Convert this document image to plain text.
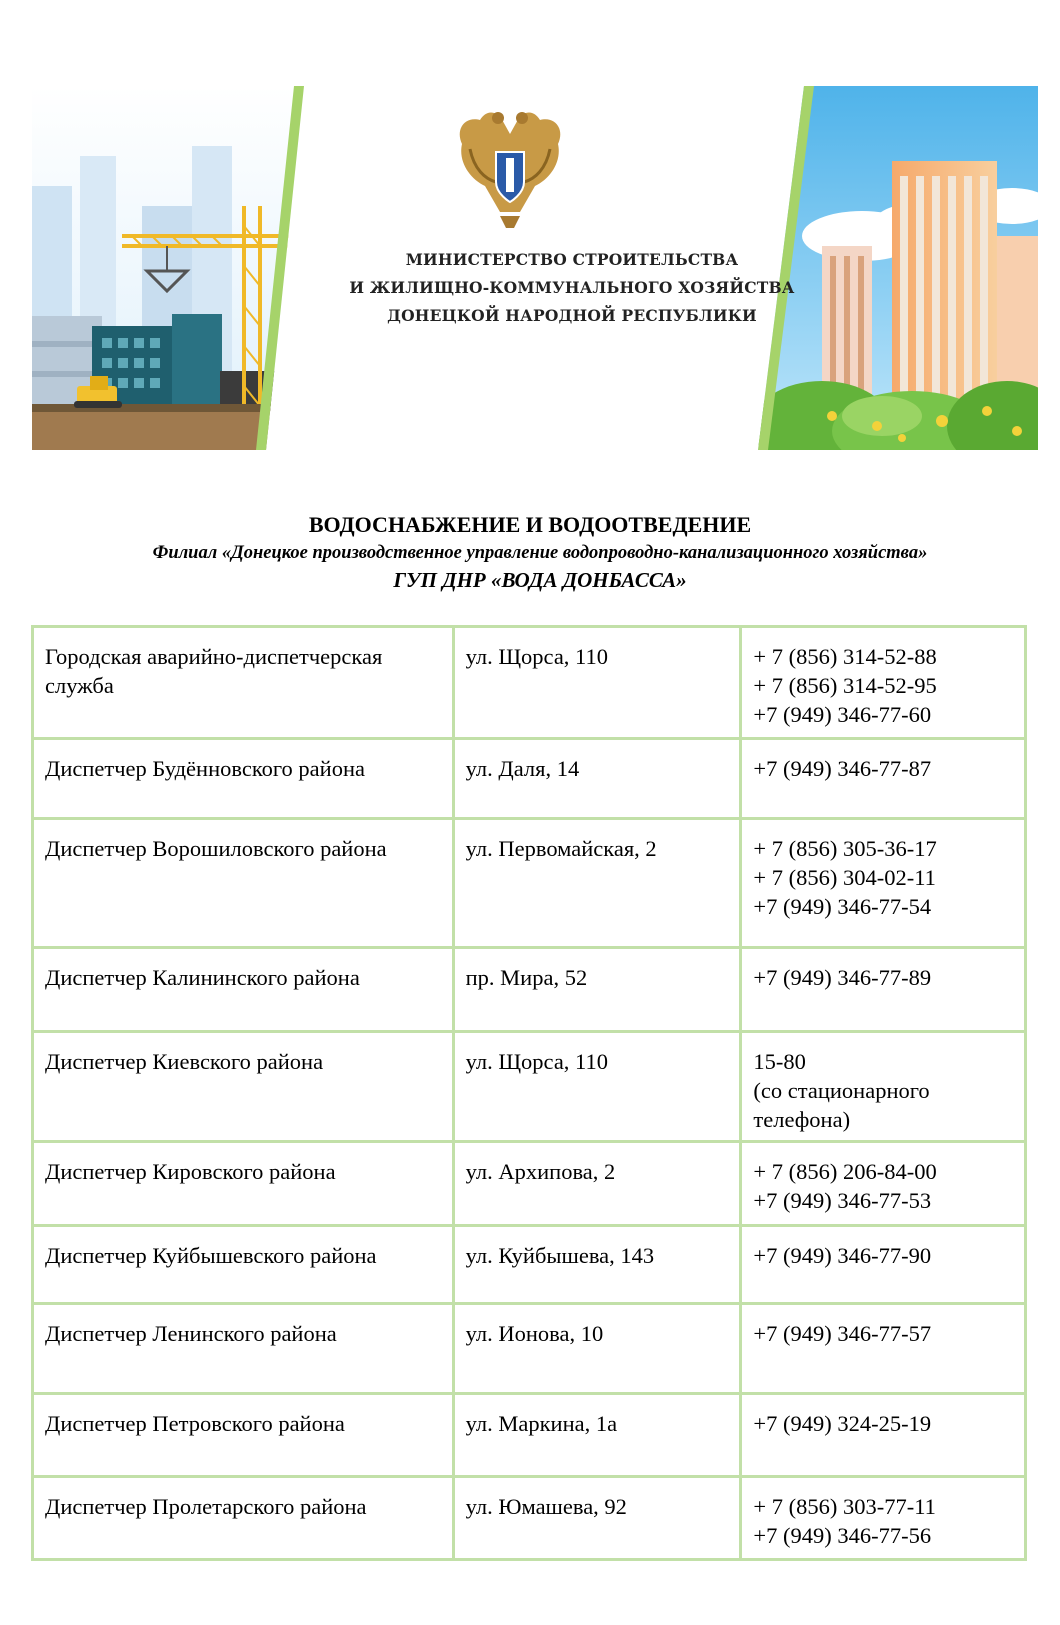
МИНИСТЕРСТВО СТРОИТЕЛЬСТВА
И ЖИЛИЩНО-КОММУНАЛЬНОГО ХОЗЯЙСТВА
ДОНЕЦКОЙ НАРОДНОЙ РЕСПУБЛИКИ
ВОДОСНАБЖЕНИЕ И ВОДООТВЕДЕНИЕ
Филиал «Донецкое производственное управление водопроводно-канализационного хозяйства»
ГУП ДНР «ВОДА ДОНБАССА»
Городская аварийно-диспетчерская служба	ул. Щорса, 110	+ 7 (856) 314-52-88
+ 7 (856) 314-52-95
+7 (949) 346-77-60

Диспетчер Будённовского района	ул. Даля, 14	+7 (949) 346-77-87

Диспетчер Ворошиловского района	ул. Первомайская, 2	+ 7 (856) 305-36-17
+ 7 (856) 304-02-11
+7 (949) 346-77-54

Диспетчер Калининского района	пр. Мира, 52	+7 (949) 346-77-89

Диспетчер Киевского района	ул. Щорса, 110	15-80
(со стационарного телефона)

Диспетчер Кировского района	ул. Архипова, 2	+ 7 (856) 206-84-00
+7 (949) 346-77-53

Диспетчер Куйбышевского района	ул. Куйбышева, 143	+7 (949) 346-77-90

Диспетчер Ленинского района	ул. Ионова, 10	+7 (949) 346-77-57

Диспетчер Петровского района	ул. Маркина, 1а	+7 (949) 324-25-19

Диспетчер Пролетарского района	ул. Юмашева, 92	+ 7 (856) 303-77-11
+7 (949) 346-77-56
